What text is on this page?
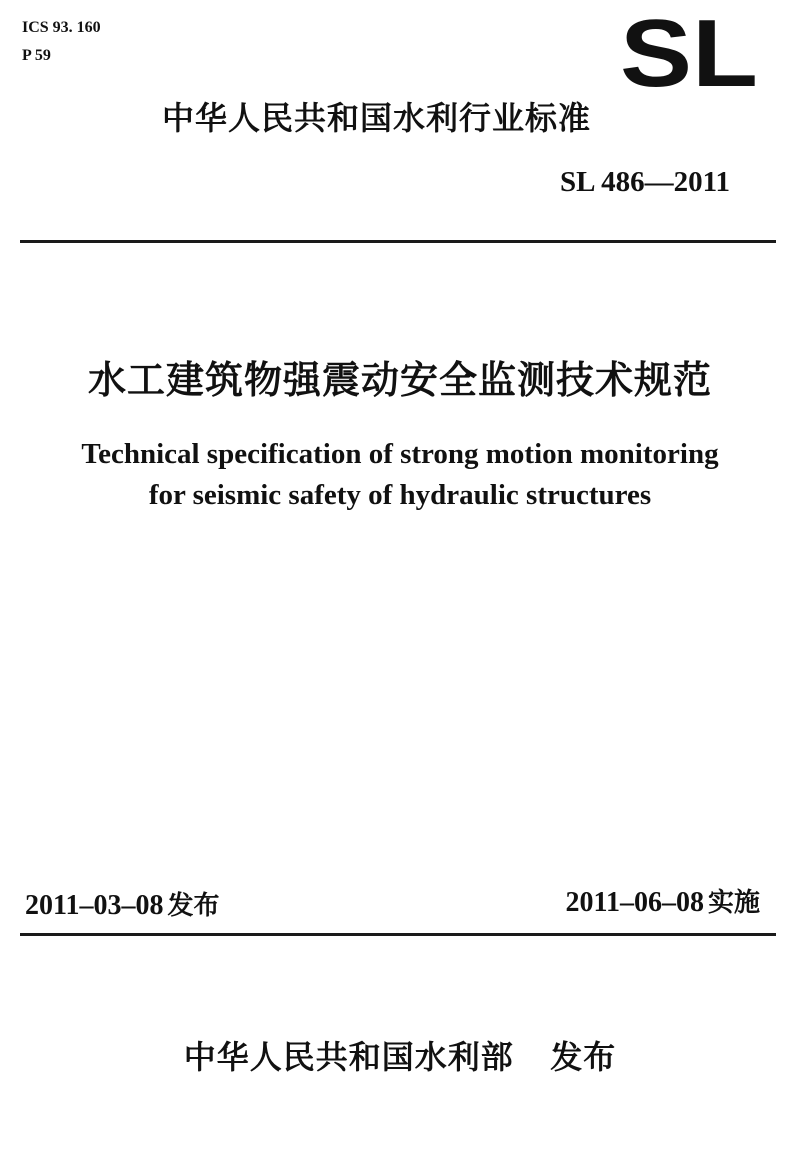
ICS 93. 160
P 59	SL
中华人民共和国水利行业标准
SL 486—2011
水工建筑物强震动安全监测技术规范
Technical specification of strong motion monitoring
for seismic safety of hydraulic structures
2011–03–08 发布	2011–06–08 实施
中华人民共和国水利部 发布
